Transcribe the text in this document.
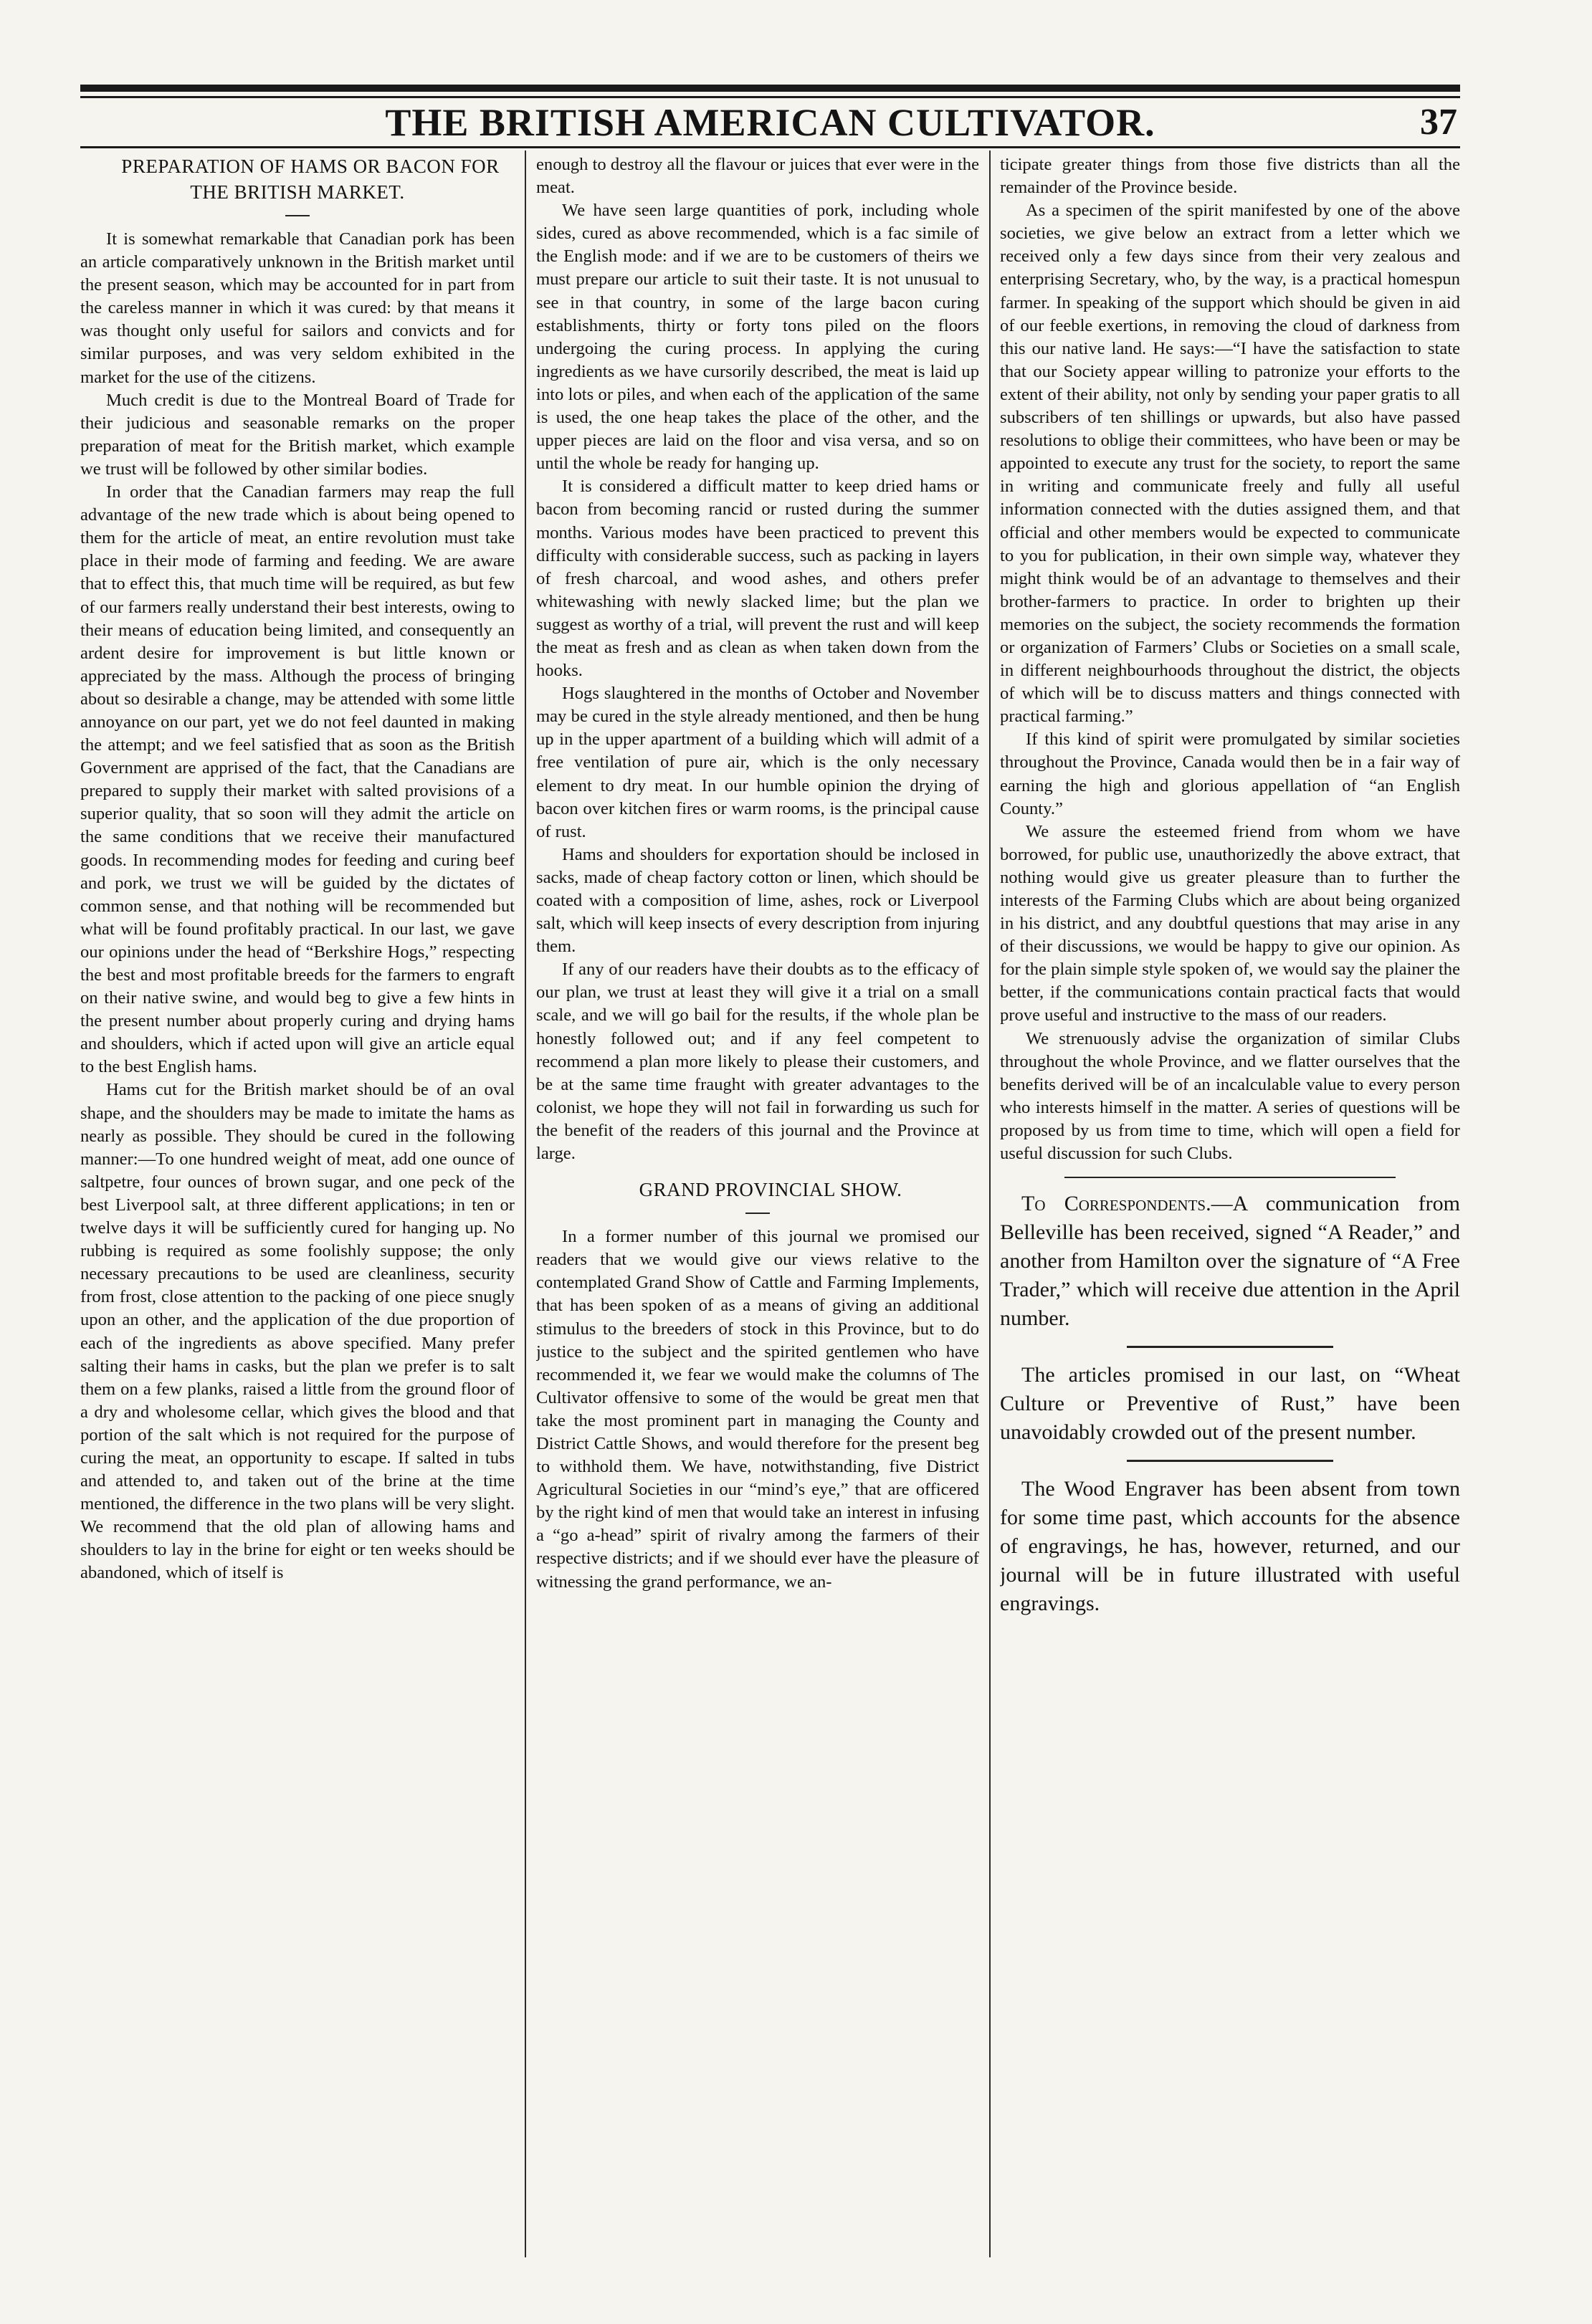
THE BRITISH AMERICAN CULTIVATOR.	37

PREPARATION OF HAMS OR BACON FOR THE BRITISH MARKET.

It is somewhat remarkable that Canadian pork has been an article comparatively unknown in the British market until the present season, which may be accounted for in part from the careless manner in which it was cured: by that means it was thought only useful for sailors and convicts and for similar purposes, and was very seldom exhibited in the market for the use of the citizens.

Much credit is due to the Montreal Board of Trade for their judicious and seasonable remarks on the proper preparation of meat for the British market, which example we trust will be followed by other similar bodies.

In order that the Canadian farmers may reap the full advantage of the new trade which is about being opened to them for the article of meat, an entire revolution must take place in their mode of farming and feeding. We are aware that to effect this, that much time will be required, as but few of our farmers really understand their best interests, owing to their means of education being limited, and consequently an ardent desire for improvement is but little known or appreciated by the mass. Although the process of bringing about so desirable a change, may be attended with some little annoyance on our part, yet we do not feel daunted in making the attempt; and we feel satisfied that as soon as the British Government are apprised of the fact, that the Canadians are prepared to supply their market with salted provisions of a superior quality, that so soon will they admit the article on the same conditions that we receive their manufactured goods. In recommending modes for feeding and curing beef and pork, we trust we will be guided by the dictates of common sense, and that nothing will be recommended but what will be found profitably practical. In our last, we gave our opinions under the head of “Berkshire Hogs,” respecting the best and most profitable breeds for the farmers to engraft on their native swine, and would beg to give a few hints in the present number about properly curing and drying hams and shoulders, which if acted upon will give an article equal to the best English hams.

Hams cut for the British market should be of an oval shape, and the shoulders may be made to imitate the hams as nearly as possible. They should be cured in the following manner:—To one hundred weight of meat, add one ounce of saltpetre, four ounces of brown sugar, and one peck of the best Liverpool salt, at three different applications; in ten or twelve days it will be sufficiently cured for hanging up. No rubbing is required as some foolishly suppose; the only necessary precautions to be used are cleanliness, security from frost, close attention to the packing of one piece snugly upon an other, and the application of the due proportion of each of the ingredients as above specified. Many prefer salting their hams in casks, but the plan we prefer is to salt them on a few planks, raised a little from the ground floor of a dry and wholesome cellar, which gives the blood and that portion of the salt which is not required for the purpose of curing the meat, an opportunity to escape. If salted in tubs and attended to, and taken out of the brine at the time mentioned, the difference in the two plans will be very slight. We recommend that the old plan of allowing hams and shoulders to lay in the brine for eight or ten weeks should be abandoned, which of itself is

enough to destroy all the flavour or juices that ever were in the meat.

We have seen large quantities of pork, including whole sides, cured as above recommended, which is a fac simile of the English mode: and if we are to be customers of theirs we must prepare our article to suit their taste. It is not unusual to see in that country, in some of the large bacon curing establishments, thirty or forty tons piled on the floors undergoing the curing process. In applying the curing ingredients as we have cursorily described, the meat is laid up into lots or piles, and when each of the application of the same is used, the one heap takes the place of the other, and the upper pieces are laid on the floor and visa versa, and so on until the whole be ready for hanging up.

It is considered a difficult matter to keep dried hams or bacon from becoming rancid or rusted during the summer months. Various modes have been practiced to prevent this difficulty with considerable success, such as packing in layers of fresh charcoal, and wood ashes, and others prefer whitewashing with newly slacked lime; but the plan we suggest as worthy of a trial, will prevent the rust and will keep the meat as fresh and as clean as when taken down from the hooks.

Hogs slaughtered in the months of October and November may be cured in the style already mentioned, and then be hung up in the upper apartment of a building which will admit of a free ventilation of pure air, which is the only necessary element to dry meat. In our humble opinion the drying of bacon over kitchen fires or warm rooms, is the principal cause of rust.

Hams and shoulders for exportation should be inclosed in sacks, made of cheap factory cotton or linen, which should be coated with a composition of lime, ashes, rock or Liverpool salt, which will keep insects of every description from injuring them.

If any of our readers have their doubts as to the efficacy of our plan, we trust at least they will give it a trial on a small scale, and we will go bail for the results, if the whole plan be honestly followed out; and if any feel competent to recommend a plan more likely to please their customers, and be at the same time fraught with greater advantages to the colonist, we hope they will not fail in forwarding us such for the benefit of the readers of this journal and the Province at large.

GRAND PROVINCIAL SHOW.

In a former number of this journal we promised our readers that we would give our views relative to the contemplated Grand Show of Cattle and Farming Implements, that has been spoken of as a means of giving an additional stimulus to the breeders of stock in this Province, but to do justice to the subject and the spirited gentlemen who have recommended it, we fear we would make the columns of The Cultivator offensive to some of the would be great men that take the most prominent part in managing the County and District Cattle Shows, and would therefore for the present beg to withhold them. We have, notwithstanding, five District Agricultural Societies in our “mind’s eye,” that are officered by the right kind of men that would take an interest in infusing a “go a-head” spirit of rivalry among the farmers of their respective districts; and if we should ever have the pleasure of witnessing the grand performance, we an-

ticipate greater things from those five districts than all the remainder of the Province beside.

As a specimen of the spirit manifested by one of the above societies, we give below an extract from a letter which we received only a few days since from their very zealous and enterprising Secretary, who, by the way, is a practical homespun farmer. In speaking of the support which should be given in aid of our feeble exertions, in removing the cloud of darkness from this our native land. He says:—“I have the satisfaction to state that our Society appear willing to patronize your efforts to the extent of their ability, not only by sending your paper gratis to all subscribers of ten shillings or upwards, but also have passed resolutions to oblige their committees, who have been or may be appointed to execute any trust for the society, to report the same in writing and communicate freely and fully all useful information connected with the duties assigned them, and that official and other members would be expected to communicate to you for publication, in their own simple way, whatever they might think would be of an advantage to themselves and their brother-farmers to practice. In order to brighten up their memories on the subject, the society recommends the formation or organization of Farmers’ Clubs or Societies on a small scale, in different neighbourhoods throughout the district, the objects of which will be to discuss matters and things connected with practical farming.”

If this kind of spirit were promulgated by similar societies throughout the Province, Canada would then be in a fair way of earning the high and glorious appellation of “an English County.”

We assure the esteemed friend from whom we have borrowed, for public use, unauthorizedly the above extract, that nothing would give us greater pleasure than to further the interests of the Farming Clubs which are about being organized in his district, and any doubtful questions that may arise in any of their discussions, we would be happy to give our opinion. As for the plain simple style spoken of, we would say the plainer the better, if the communications contain practical facts that would prove useful and instructive to the mass of our readers.

We strenuously advise the organization of similar Clubs throughout the whole Province, and we flatter ourselves that the benefits derived will be of an incalculable value to every person who interests himself in the matter. A series of questions will be proposed by us from time to time, which will open a field for useful discussion for such Clubs.

To Correspondents.—A communication from Belleville has been received, signed “A Reader,” and another from Hamilton over the signature of “A Free Trader,” which will receive due attention in the April number.

The articles promised in our last, on “Wheat Culture or Preventive of Rust,” have been unavoidably crowded out of the present number.

The Wood Engraver has been absent from town for some time past, which accounts for the absence of engravings, he has, however, returned, and our journal will be in future illustrated with useful engravings.
